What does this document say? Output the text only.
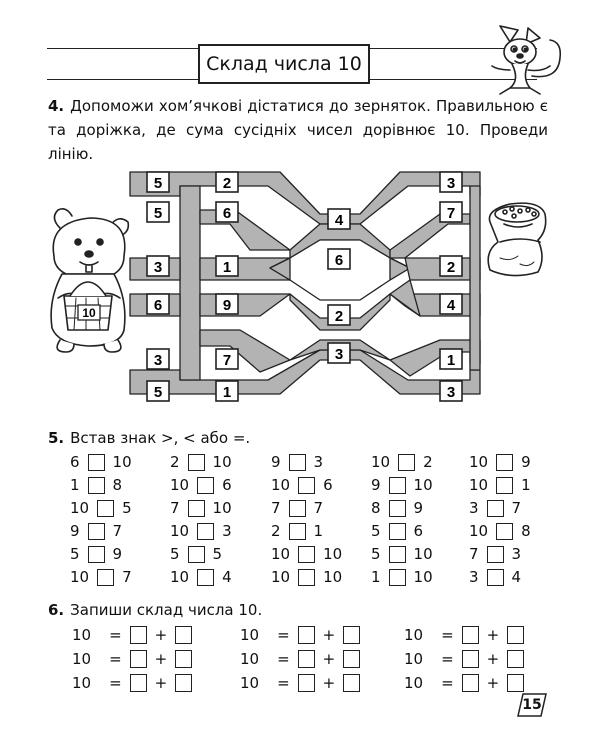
Склад числа 10
4. Допоможи хом’ячкові дістатися до зерняток. Правильною є та доріжка, де сума сусідніх чисел дорівнює 10. Проведи лінію.
10
5
5
3
6
3
5
2
6
1
9
7
1
4
6
2
3
3
7
2
4
1
3
5. Встав знак >, < або =.
6 10
1 8
10 5
9 7
5 9
10 7
2 10
10 6
7 10
10 3
5 5
10 4
9 3
10 6
7 7
2 1
10 10
10 10
10 2
9 10
8 9
5 6
5 10
1 10
10 9
10 1
3 7
10 8
7 3
3 4
6. Запиши склад числа 10.
10 = +
10 = +
10 = +
10 = +
10 = +
10 = +
10 = +
10 = +
10 = +
15
